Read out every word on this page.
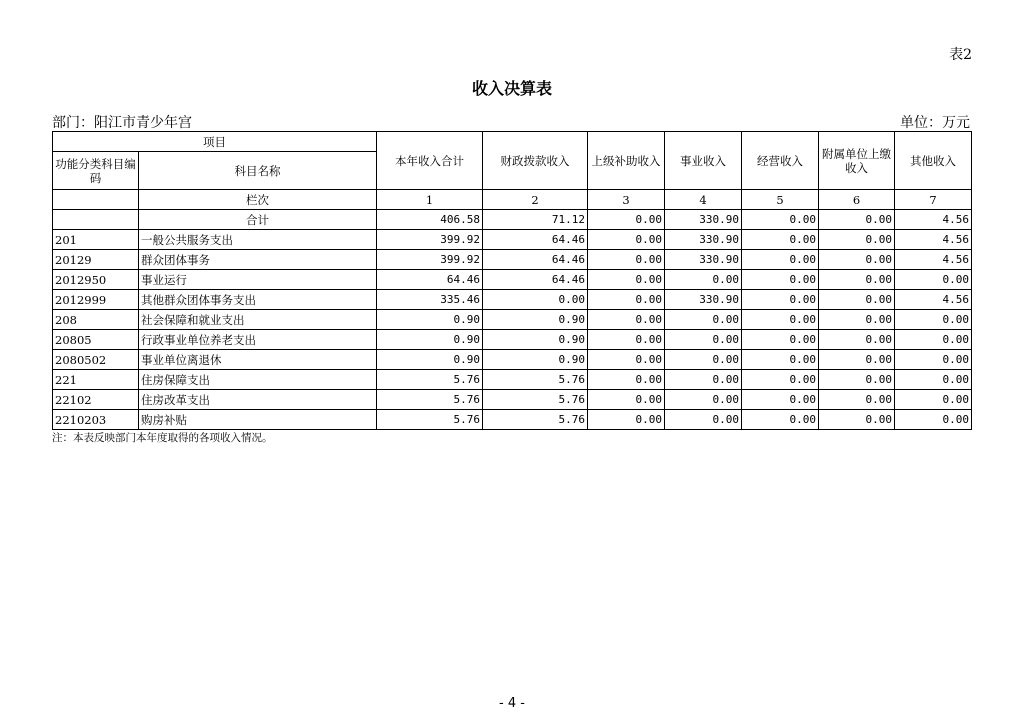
表2
收入决算表
部门：阳江市青少年宫	单位：万元
项目		本年收入合计	财政拨款收入	上级补助收入	事业收入	经营收入	附属单位上缴收入	其他收入
功能分类科目编码	科目名称							
	栏次	1	2	3	4	5	6	7
	合计	406.58	71.12	0.00	330.90	0.00	0.00	4.56
201	一般公共服务支出	399.92	64.46	0.00	330.90	0.00	0.00	4.56
20129	群众团体事务	399.92	64.46	0.00	330.90	0.00	0.00	4.56
2012950	事业运行	64.46	64.46	0.00	0.00	0.00	0.00	0.00
2012999	其他群众团体事务支出	335.46	0.00	0.00	330.90	0.00	0.00	4.56
208	社会保障和就业支出	0.90	0.90	0.00	0.00	0.00	0.00	0.00
20805	行政事业单位养老支出	0.90	0.90	0.00	0.00	0.00	0.00	0.00
2080502	事业单位离退休	0.90	0.90	0.00	0.00	0.00	0.00	0.00
221	住房保障支出	5.76	5.76	0.00	0.00	0.00	0.00	0.00
22102	住房改革支出	5.76	5.76	0.00	0.00	0.00	0.00	0.00
2210203	购房补贴	5.76	5.76	0.00	0.00	0.00	0.00	0.00
注：本表反映部门本年度取得的各项收入情况。
- 4 -
